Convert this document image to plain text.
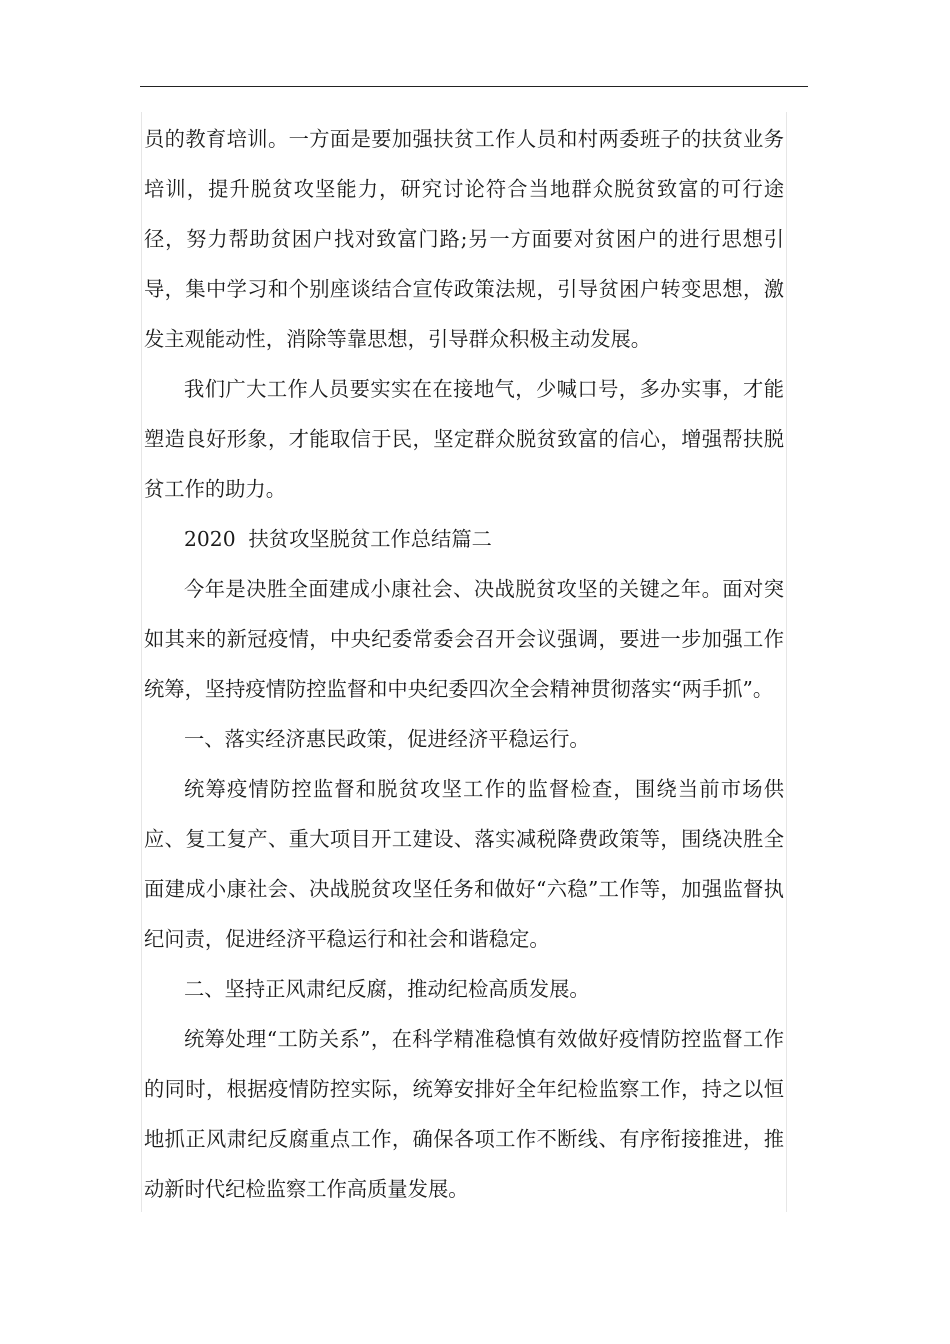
员的教育培训。一方面是要加强扶贫工作人员和村两委班子的扶贫业务培训，提升脱贫攻坚能力，研究讨论符合当地群众脱贫致富的可行途径，努力帮助贫困户找对致富门路;另一方面要对贫困户的进行思想引导，集中学习和个别座谈结合宣传政策法规，引导贫困户转变思想，激发主观能动性，消除等靠思想，引导群众积极主动发展。

我们广大工作人员要实实在在接地气，少喊口号，多办实事，才能塑造良好形象，才能取信于民，坚定群众脱贫致富的信心，增强帮扶脱贫工作的助力。

2020  扶贫攻坚脱贫工作总结篇二

今年是决胜全面建成小康社会、决战脱贫攻坚的关键之年。面对突如其来的新冠疫情，中央纪委常委会召开会议强调，要进一步加强工作统筹，坚持疫情防控监督和中央纪委四次全会精神贯彻落实“两手抓”。

一、落实经济惠民政策，促进经济平稳运行。

统筹疫情防控监督和脱贫攻坚工作的监督检查，围绕当前市场供应、复工复产、重大项目开工建设、落实减税降费政策等，围绕决胜全面建成小康社会、决战脱贫攻坚任务和做好“六稳”工作等，加强监督执纪问责，促进经济平稳运行和社会和谐稳定。

二、坚持正风肃纪反腐，推动纪检高质发展。

统筹处理“工防关系”，在科学精准稳慎有效做好疫情防控监督工作的同时，根据疫情防控实际，统筹安排好全年纪检监察工作，持之以恒地抓正风肃纪反腐重点工作，确保各项工作不断线、有序衔接推进，推动新时代纪检监察工作高质量发展。
